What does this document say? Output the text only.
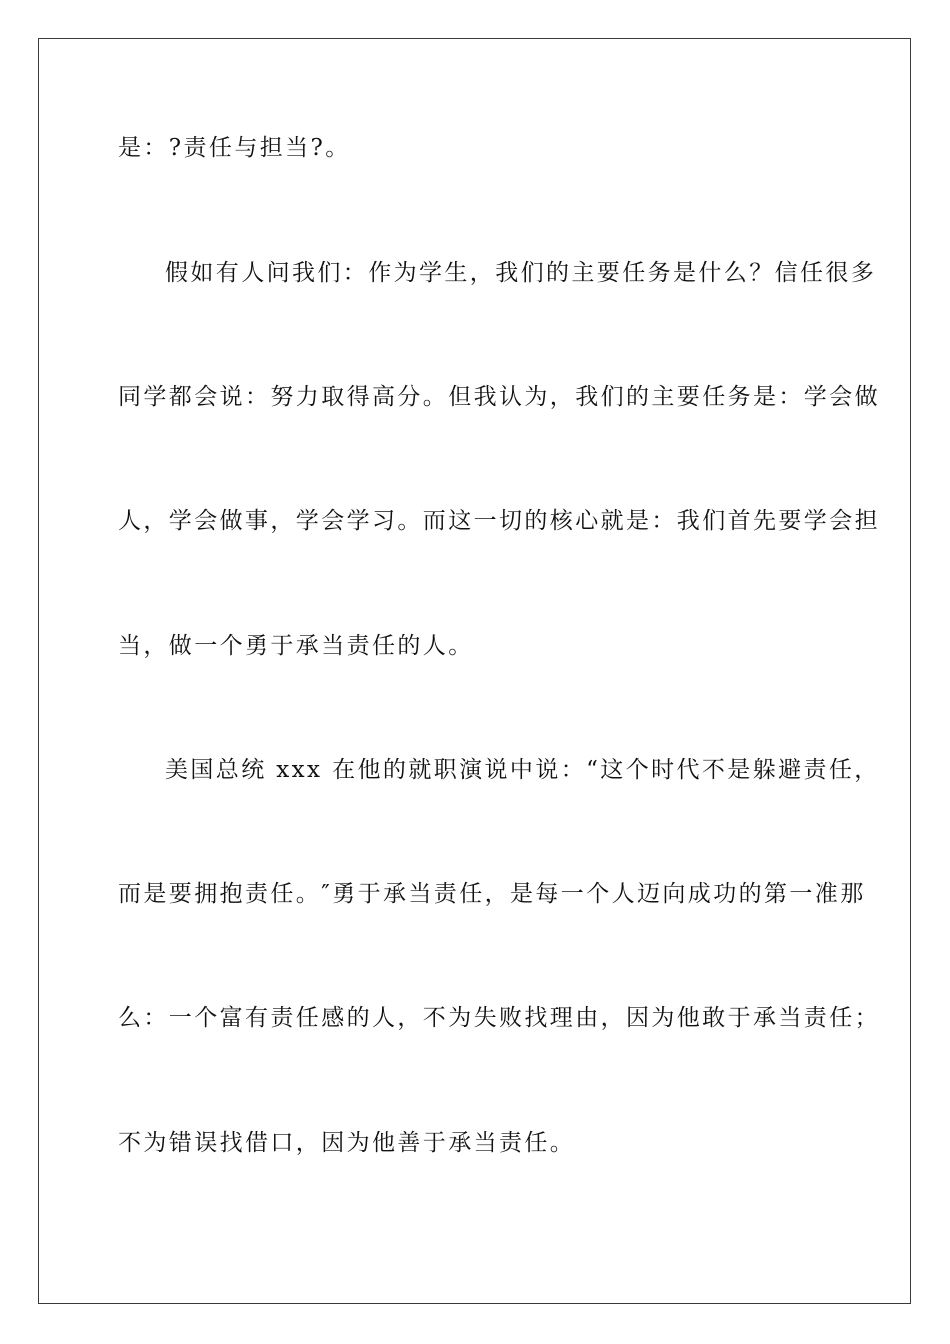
是：?责任与担当?。
假如有人问我们：作为学生，我们的主要任务是什么？信任很多
同学都会说：努力取得高分。但我认为，我们的主要任务是：学会做
人，学会做事，学会学习。而这一切的核心就是：我们首先要学会担
当，做一个勇于承当责任的人。
美国总统 xxx 在他的就职演说中说：“这个时代不是躲避责任，
而是要拥抱责任。″勇于承当责任，是每一个人迈向成功的第一准那
么：一个富有责任感的人，不为失败找理由，因为他敢于承当责任；
不为错误找借口，因为他善于承当责任。
